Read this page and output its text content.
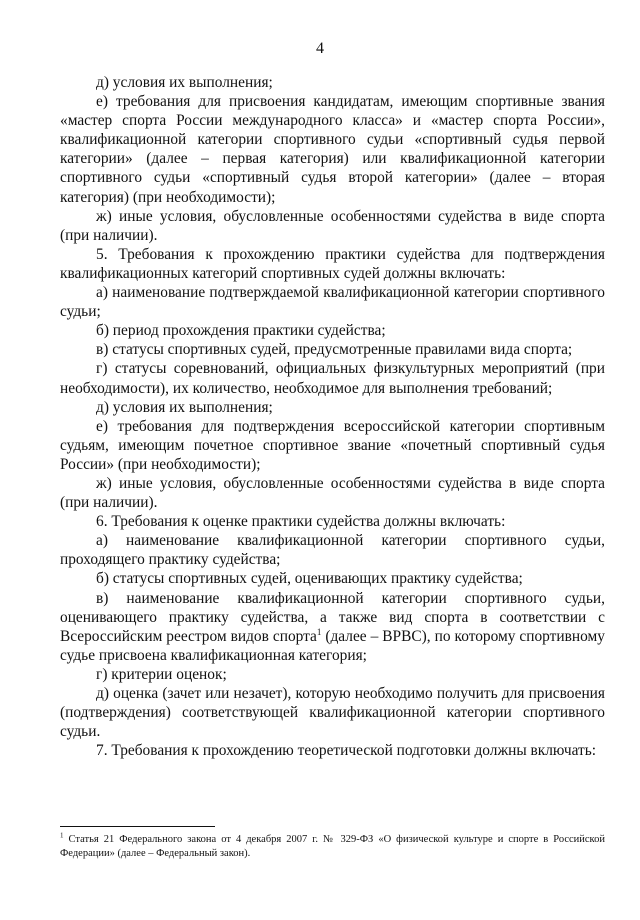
4

д) условия их выполнения;

е) требования для присвоения кандидатам, имеющим спортивные звания «мастер спорта России международного класса» и «мастер спорта России», квалификационной категории спортивного судьи «спортивный судья первой категории» (далее – первая категория) или квалификационной категории спортивного судьи «спортивный судья второй категории» (далее – вторая категория) (при необходимости);

ж) иные условия, обусловленные особенностями судейства в виде спорта (при наличии).

5. Требования к прохождению практики судейства для подтверждения квалификационных категорий спортивных судей должны включать:

а) наименование подтверждаемой квалификационной категории спортивного судьи;

б) период прохождения практики судейства;

в) статусы спортивных судей, предусмотренные правилами вида спорта;

г) статусы соревнований, официальных физкультурных мероприятий (при необходимости), их количество, необходимое для выполнения требований;

д) условия их выполнения;

е) требования для подтверждения всероссийской категории спортивным судьям, имеющим почетное спортивное звание «почетный спортивный судья России» (при необходимости);

ж) иные условия, обусловленные особенностями судейства в виде спорта (при наличии).

6. Требования к оценке практики судейства должны включать:

а) наименование квалификационной категории спортивного судьи, проходящего практику судейства;

б) статусы спортивных судей, оценивающих практику судейства;

в) наименование квалификационной категории спортивного судьи, оценивающего практику судейства, а также вид спорта в соответствии с Всероссийским реестром видов спорта$^1$ (далее – ВРВС), по которому спортивному судье присвоена квалификационная категория;

г) критерии оценок;

д) оценка (зачет или незачет), которую необходимо получить для присвоения (подтверждения) соответствующей квалификационной категории спортивного судьи.

7. Требования к прохождению теоретической подготовки должны включать:

$^1$ Статья 21 Федерального закона от 4 декабря 2007 г. № 329-ФЗ «О физической культуре и спорте в Российской Федерации» (далее – Федеральный закон).
